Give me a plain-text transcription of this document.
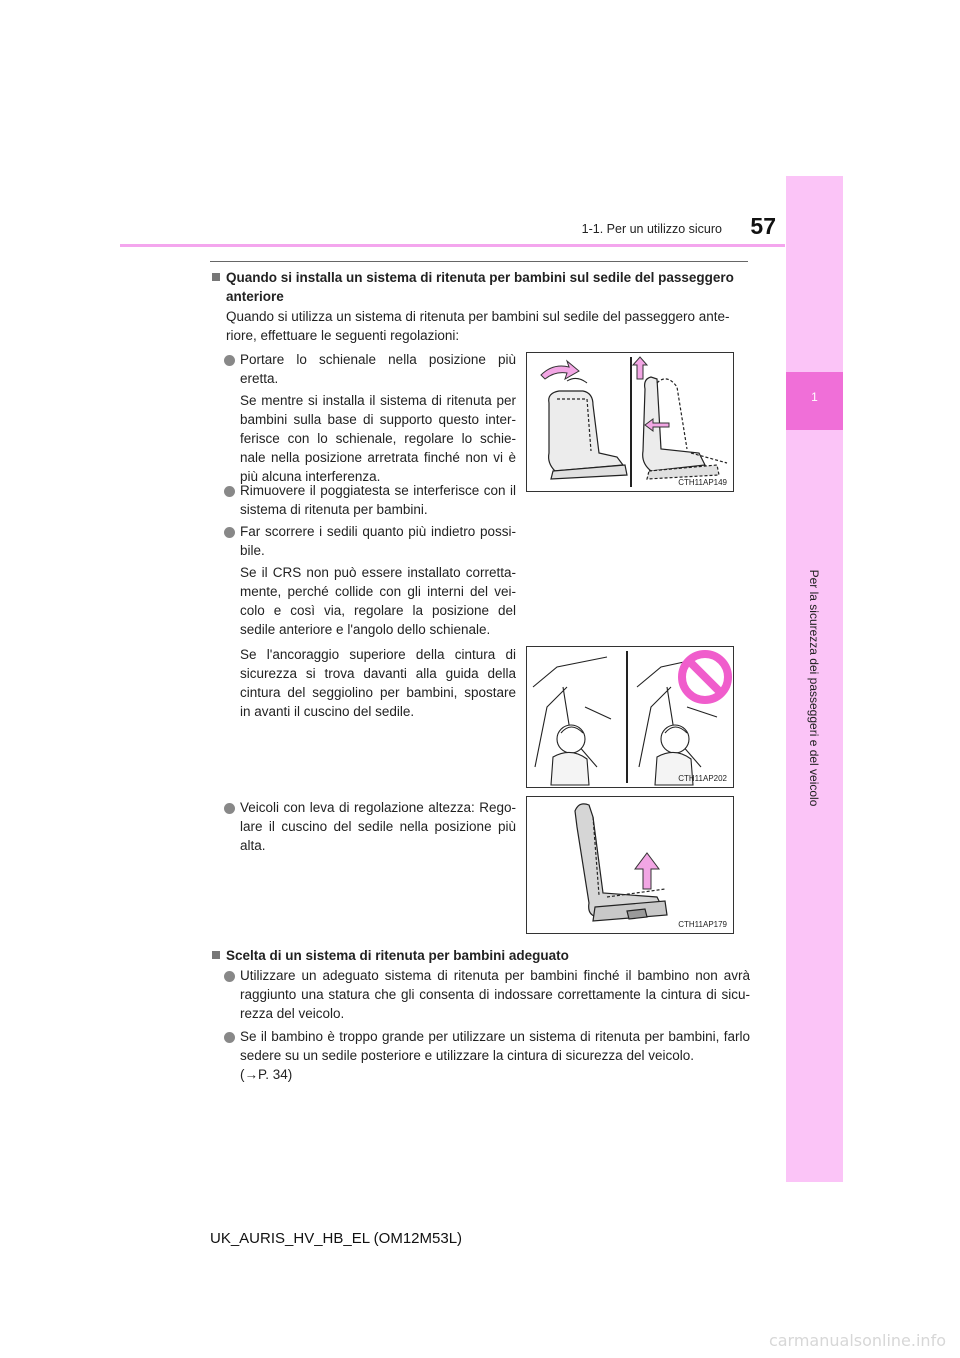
1-1. Per un utilizzo sicuro	57
1
Per la sicurezza dei passeggeri e del veicolo
Quando si installa un sistema di ritenuta per bambini sul sedile del passeggero
anteriore
Quando si utilizza un sistema di ritenuta per bambini sul sedile del passeggero ante-
riore, effettuare le seguenti regolazioni:
Portare lo schienale nella posizione più
eretta.
Se mentre si installa il sistema di ritenuta per
bambini sulla base di supporto questo inter-
ferisce con lo schienale, regolare lo schie-
nale nella posizione arretrata finché non vi è
più alcuna interferenza.
Rimuovere il poggiatesta se interferisce con il
sistema di ritenuta per bambini.
Far scorrere i sedili quanto più indietro possi-
bile.
Se il CRS non può essere installato corretta-
mente, perché collide con gli interni del vei-
colo e così via, regolare la posizione del
sedile anteriore e l'angolo dello schienale.
Se l'ancoraggio superiore della cintura di
sicurezza si trova davanti alla guida della
cintura del seggiolino per bambini, spostare
in avanti il cuscino del sedile.
Veicoli con leva di regolazione altezza: Rego-
lare il cuscino del sedile nella posizione più
alta.
CTH11AP149
CTH11AP202
CTH11AP179
Scelta di un sistema di ritenuta per bambini adeguato
Utilizzare un adeguato sistema di ritenuta per bambini finché il bambino non avrà
raggiunto una statura che gli consenta di indossare correttamente la cintura di sicu-
rezza del veicolo.
Se il bambino è troppo grande per utilizzare un sistema di ritenuta per bambini, farlo
sedere su un sedile posteriore e utilizzare la cintura di sicurezza del veicolo.
(→P. 34)
UK_AURIS_HV_HB_EL (OM12M53L)
carmanualsonline.info
